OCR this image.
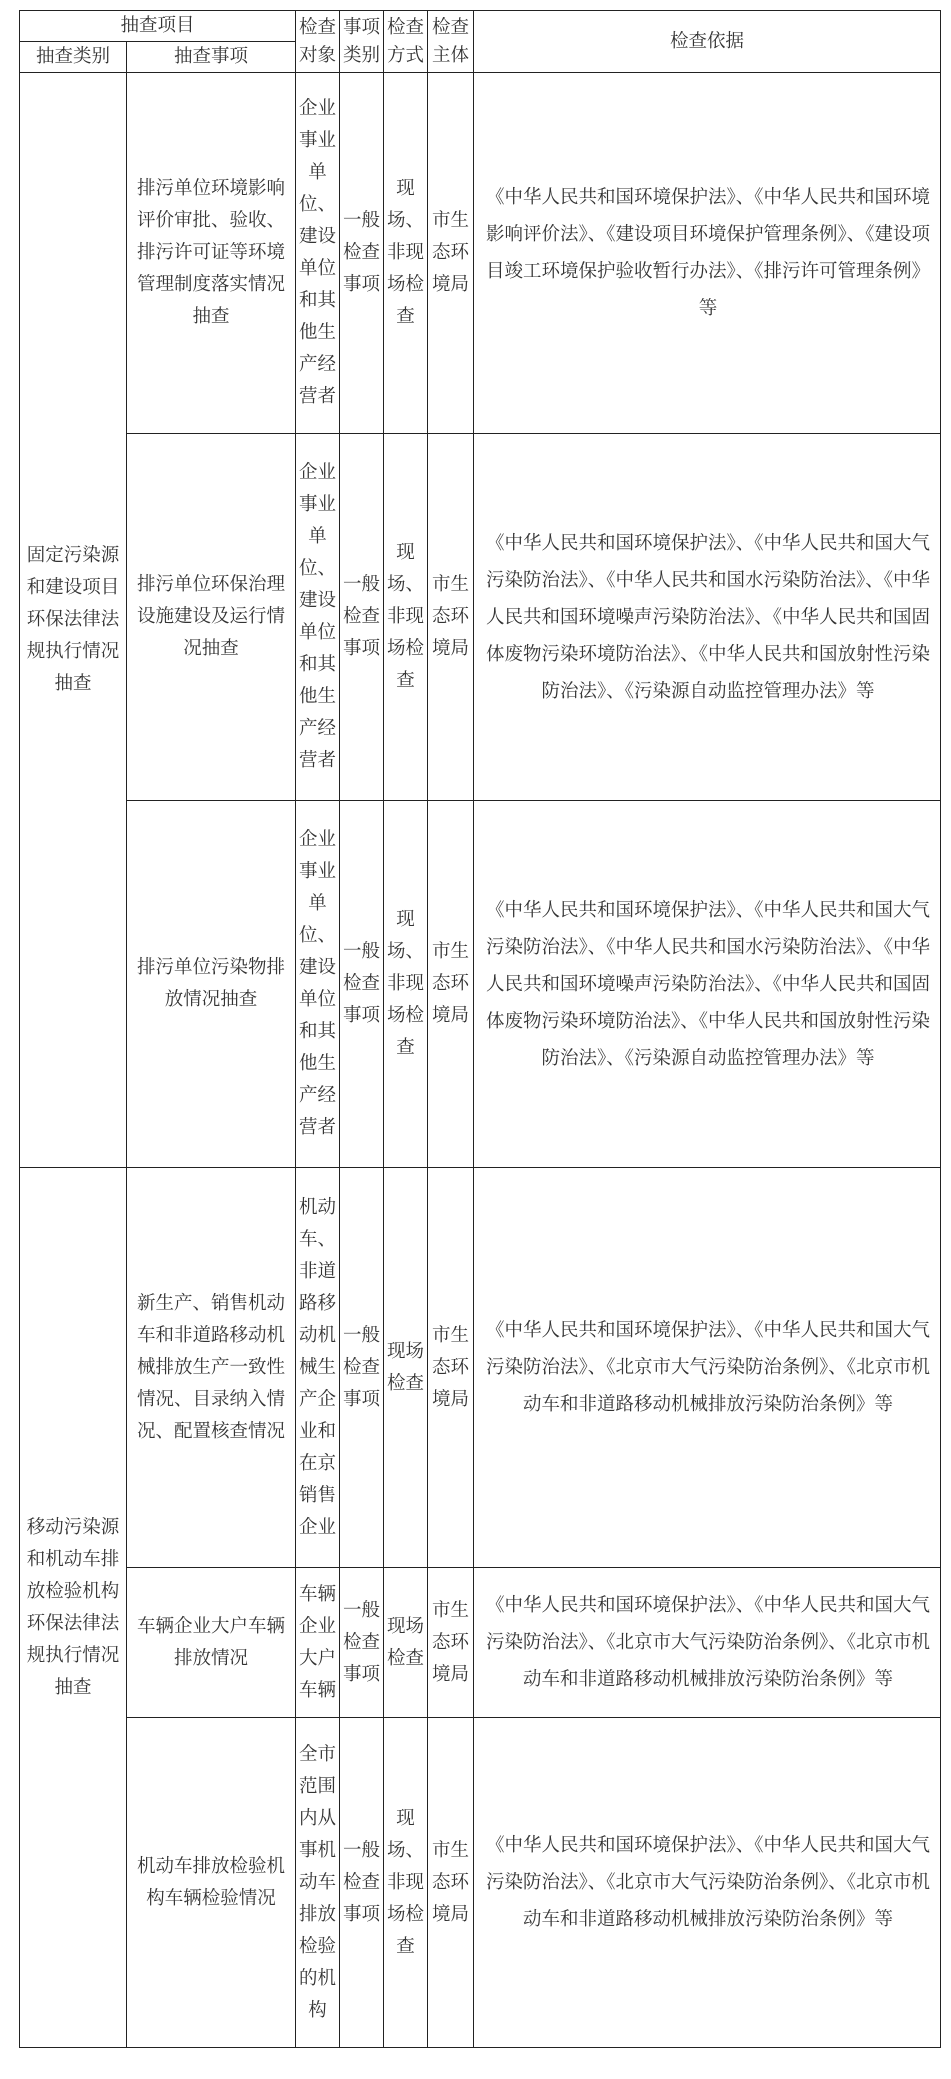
抽查项目		检查对象	事项类别	检查方式	检查主体	检查依据
抽查类别	抽查事项					

固定污染源和建设项目环保法律法规执行情况抽查	排污单位环境影响评价审批、验收、排污许可证等环境管理制度落实情况抽查	企业事业单位、建设单位和其他生产经营者	一般检查事项	现场、非现场检查	市生态环境局	《中华人民共和国环境保护法》、《中华人民共和国环境影响评价法》、《建设项目环境保护管理条例》、《建设项目竣工环境保护验收暂行办法》、《排污许可管理条例》等

	排污单位环保治理设施建设及运行情况抽查	企业事业单位、建设单位和其他生产经营者	一般检查事项	现场、非现场检查	市生态环境局	《中华人民共和国环境保护法》、《中华人民共和国大气污染防治法》、《中华人民共和国水污染防治法》、《中华人民共和国环境噪声污染防治法》、《中华人民共和国固体废物污染环境防治法》、《中华人民共和国放射性污染防治法》、《污染源自动监控管理办法》等

	排污单位污染物排放情况抽查	企业事业单位、建设单位和其他生产经营者	一般检查事项	现场、非现场检查	市生态环境局	《中华人民共和国环境保护法》、《中华人民共和国大气污染防治法》、《中华人民共和国水污染防治法》、《中华人民共和国环境噪声污染防治法》、《中华人民共和国固体废物污染环境防治法》、《中华人民共和国放射性污染防治法》、《污染源自动监控管理办法》等

移动污染源和机动车排放检验机构环保法律法规执行情况抽查	新生产、销售机动车和非道路移动机械排放生产一致性情况、目录纳入情况、配置核查情况	机动车、非道路移动机械生产企业和在京销售企业	一般检查事项	现场检查	市生态环境局	《中华人民共和国环境保护法》、《中华人民共和国大气污染防治法》、《北京市大气污染防治条例》、《北京市机动车和非道路移动机械排放污染防治条例》等

	车辆企业大户车辆排放情况	车辆企业大户车辆	一般检查事项	现场检查	市生态环境局	《中华人民共和国环境保护法》、《中华人民共和国大气污染防治法》、《北京市大气污染防治条例》、《北京市机动车和非道路移动机械排放污染防治条例》等

	机动车排放检验机构车辆检验情况	全市范围内从事机动车排放检验的机构	一般检查事项	现场、非现场检查	市生态环境局	《中华人民共和国环境保护法》、《中华人民共和国大气污染防治法》、《北京市大气污染防治条例》、《北京市机动车和非道路移动机械排放污染防治条例》等
